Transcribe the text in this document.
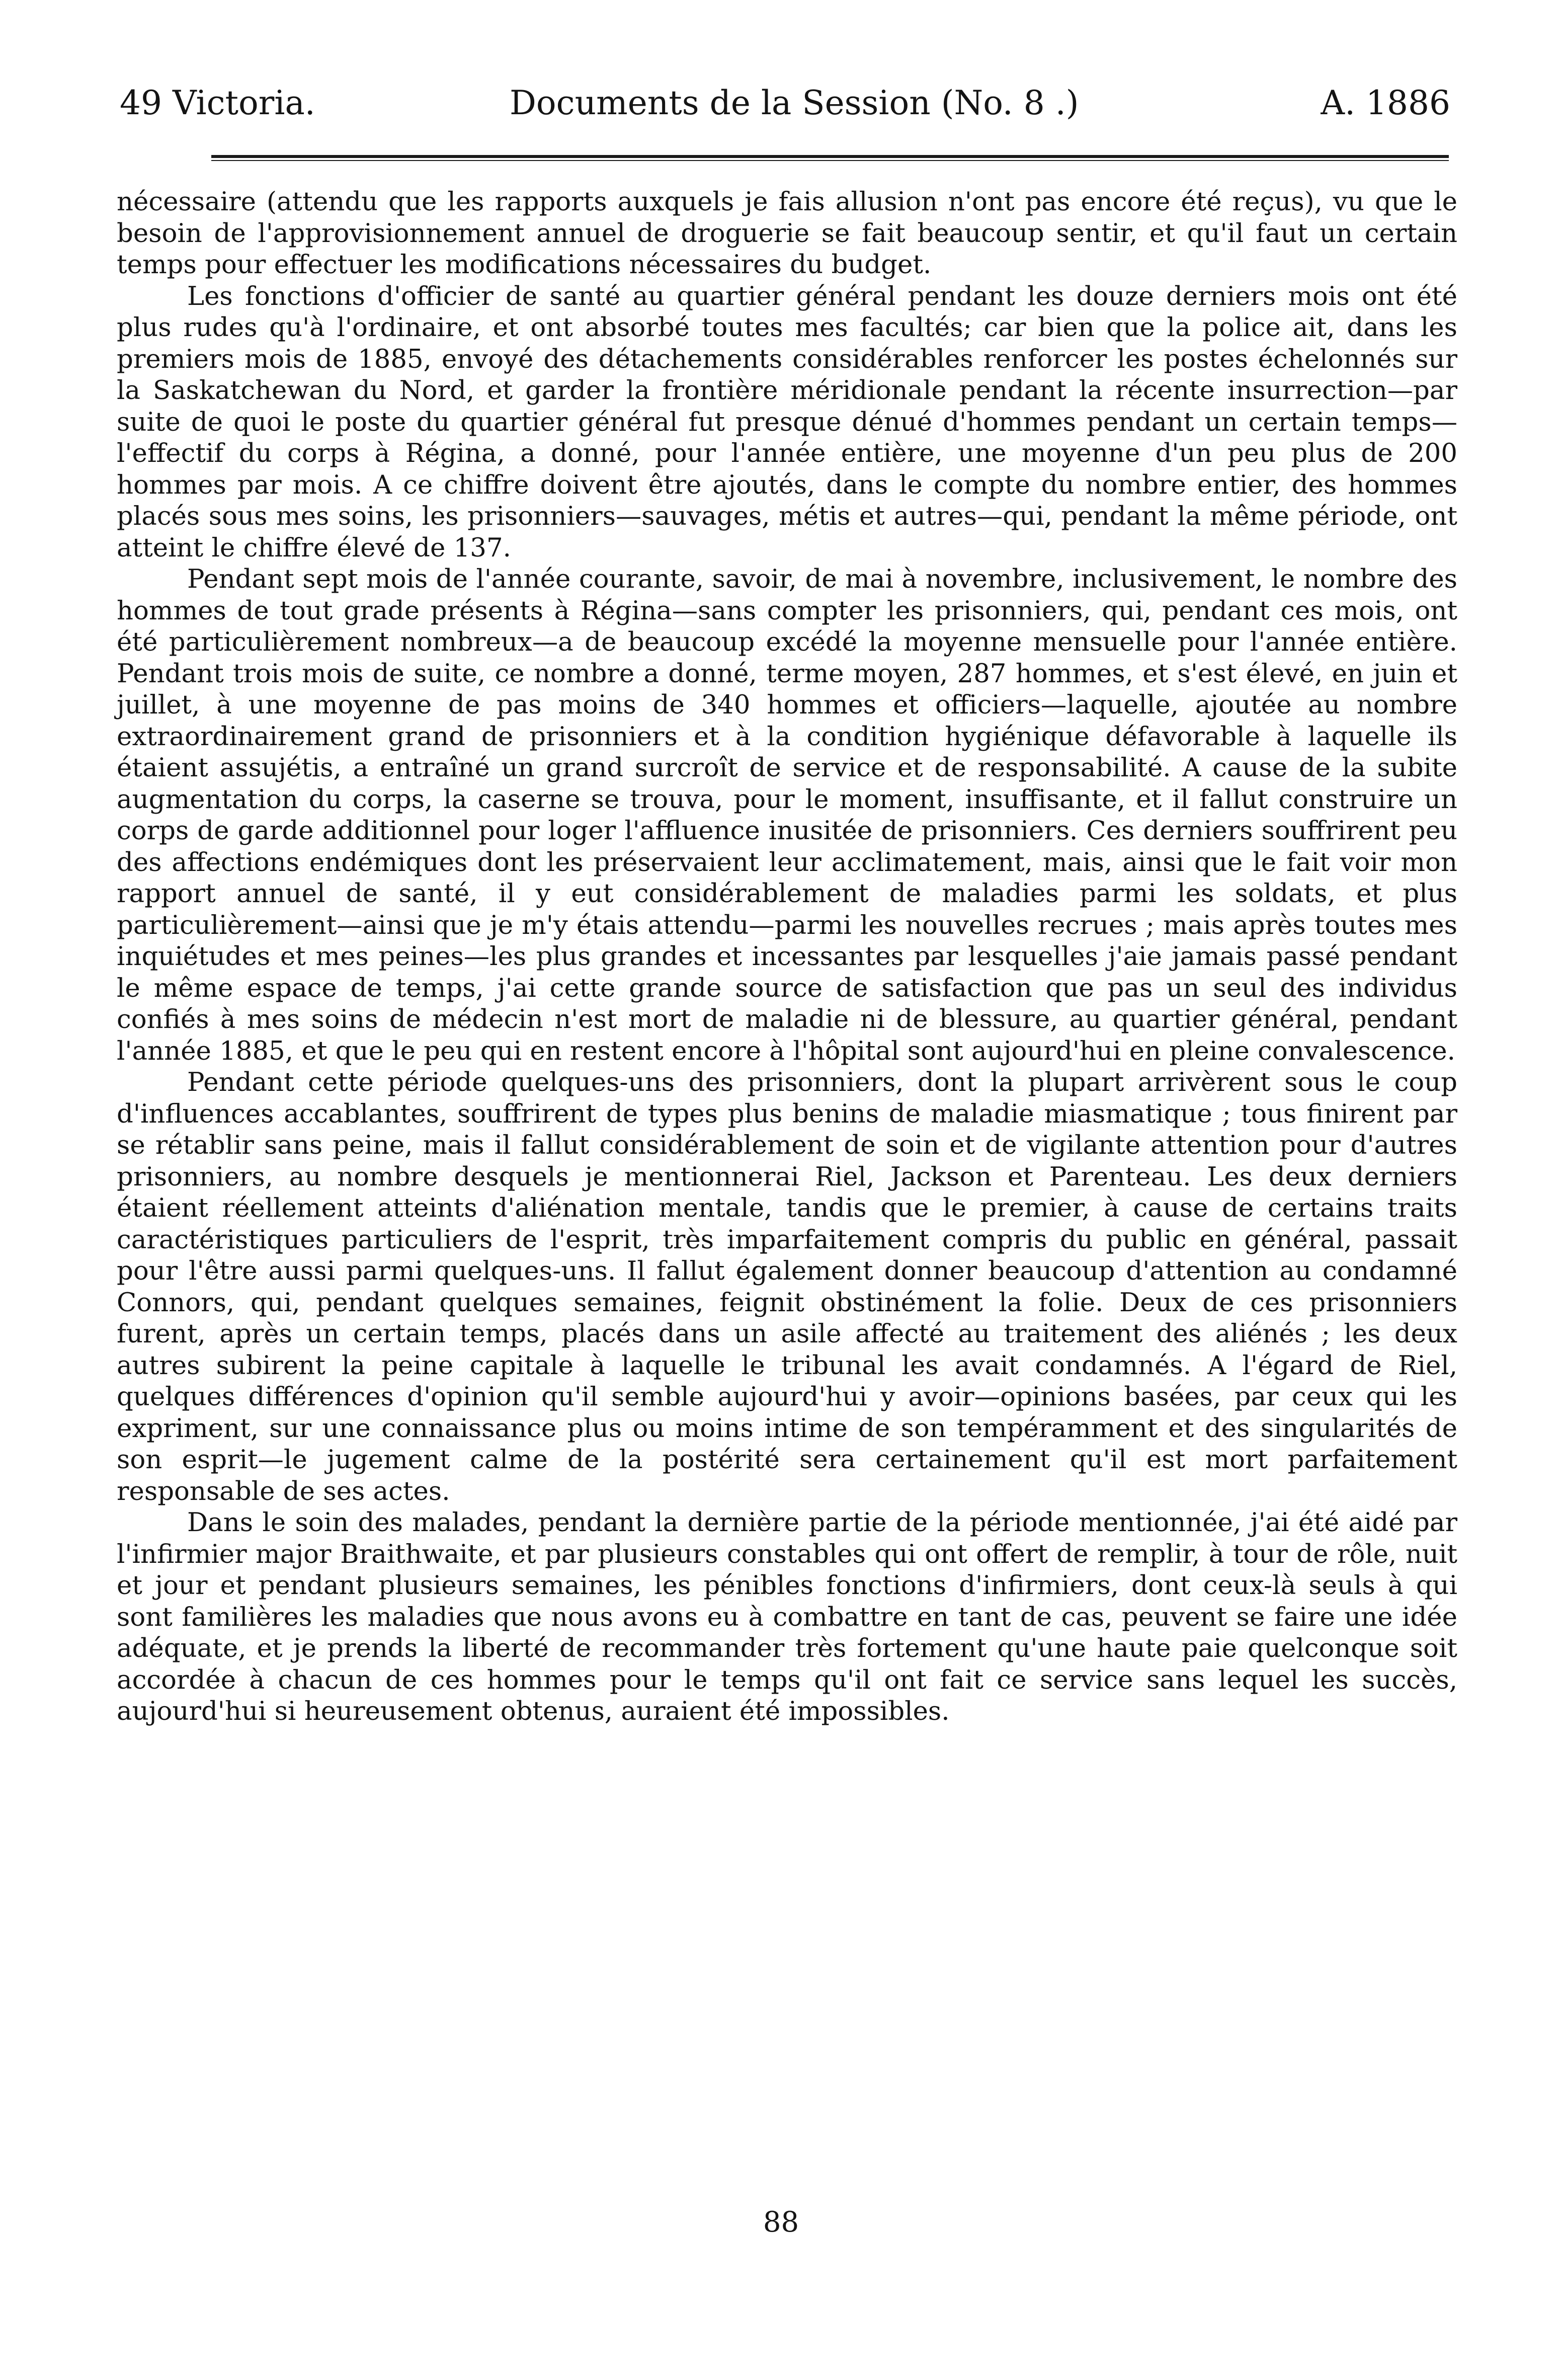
49 Victoria.	Documents de la Session (No. 8 .)	A. 1886

nécessaire (attendu que les rapports auxquels je fais allusion n'ont pas encore été reçus), vu que le besoin de l'approvisionnement annuel de droguerie se fait beaucoup sentir, et qu'il faut un certain temps pour effectuer les modifications nécessaires du budget.

Les fonctions d'officier de santé au quartier général pendant les douze derniers mois ont été plus rudes qu'à l'ordinaire, et ont absorbé toutes mes facultés; car bien que la police ait, dans les premiers mois de 1885, envoyé des détachements considérables renforcer les postes échelonnés sur la Saskatchewan du Nord, et garder la frontière méridionale pendant la récente insurrection—par suite de quoi le poste du quartier général fut presque dénué d'hommes pendant un certain temps—l'effectif du corps à Régina, a donné, pour l'année entière, une moyenne d'un peu plus de 200 hommes par mois. A ce chiffre doivent être ajoutés, dans le compte du nombre entier, des hommes placés sous mes soins, les prisonniers—sauvages, métis et autres—qui, pendant la même période, ont atteint le chiffre élevé de 137.

Pendant sept mois de l'année courante, savoir, de mai à novembre, inclusivement, le nombre des hommes de tout grade présents à Régina—sans compter les prisonniers, qui, pendant ces mois, ont été particulièrement nombreux—a de beaucoup excédé la moyenne mensuelle pour l'année entière. Pendant trois mois de suite, ce nombre a donné, terme moyen, 287 hommes, et s'est élevé, en juin et juillet, à une moyenne de pas moins de 340 hommes et officiers—laquelle, ajoutée au nombre extraordinairement grand de prisonniers et à la condition hygiénique défavorable à laquelle ils étaient assujétis, a entraîné un grand surcroît de service et de responsabilité. A cause de la subite augmentation du corps, la caserne se trouva, pour le moment, insuffisante, et il fallut construire un corps de garde additionnel pour loger l'affluence inusitée de prisonniers. Ces derniers souffrirent peu des affections endémiques dont les préservaient leur acclimatement, mais, ainsi que le fait voir mon rapport annuel de santé, il y eut considérablement de maladies parmi les soldats, et plus particulièrement—ainsi que je m'y étais attendu—parmi les nouvelles recrues ; mais après toutes mes inquiétudes et mes peines—les plus grandes et incessantes par lesquelles j'aie jamais passé pendant le même espace de temps, j'ai cette grande source de satisfaction que pas un seul des individus confiés à mes soins de médecin n'est mort de maladie ni de blessure, au quartier général, pendant l'année 1885, et que le peu qui en restent encore à l'hôpital sont aujourd'hui en pleine convalescence.

Pendant cette période quelques-uns des prisonniers, dont la plupart arrivèrent sous le coup d'influences accablantes, souffrirent de types plus benins de maladie miasmatique ; tous finirent par se rétablir sans peine, mais il fallut considérablement de soin et de vigilante attention pour d'autres prisonniers, au nombre desquels je mentionnerai Riel, Jackson et Parenteau. Les deux derniers étaient réellement atteints d'aliénation mentale, tandis que le premier, à cause de certains traits caractéristiques particuliers de l'esprit, très imparfaitement compris du public en général, passait pour l'être aussi parmi quelques-uns. Il fallut également donner beaucoup d'attention au condamné Connors, qui, pendant quelques semaines, feignit obstinément la folie. Deux de ces prisonniers furent, après un certain temps, placés dans un asile affecté au traitement des aliénés ; les deux autres subirent la peine capitale à laquelle le tribunal les avait condamnés. A l'égard de Riel, quelques différences d'opinion qu'il semble aujourd'hui y avoir—opinions basées, par ceux qui les expriment, sur une connaissance plus ou moins intime de son tempéramment et des singularités de son esprit—le jugement calme de la postérité sera certainement qu'il est mort parfaitement responsable de ses actes.

Dans le soin des malades, pendant la dernière partie de la période mentionnée, j'ai été aidé par l'infirmier major Braithwaite, et par plusieurs constables qui ont offert de remplir, à tour de rôle, nuit et jour et pendant plusieurs semaines, les pénibles fonctions d'infirmiers, dont ceux-là seuls à qui sont familières les maladies que nous avons eu à combattre en tant de cas, peuvent se faire une idée adéquate, et je prends la liberté de recommander très fortement qu'une haute paie quelconque soit accordée à chacun de ces hommes pour le temps qu'il ont fait ce service sans lequel les succès, aujourd'hui si heureusement obtenus, auraient été impossibles.

88
